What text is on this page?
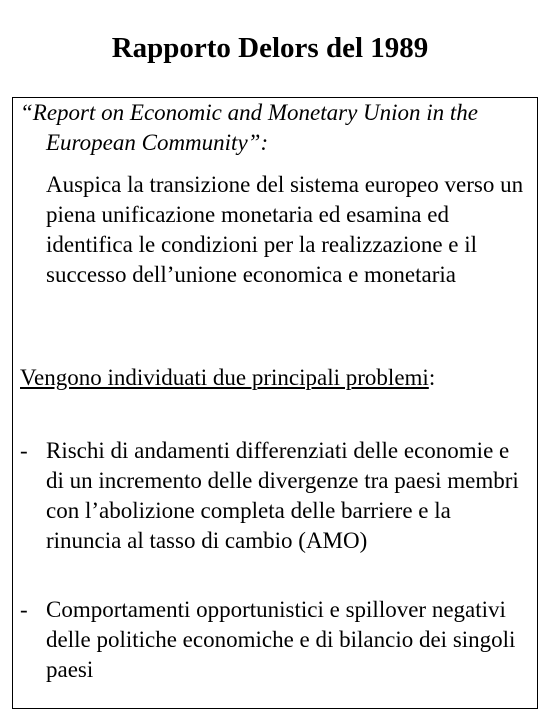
Rapporto Delors del 1989

“Report on Economic and Monetary Union in the European Community”:

Auspica la transizione del sistema europeo verso un piena unificazione monetaria ed esamina ed identifica le condizioni per la realizzazione e il successo dell’unione economica e monetaria

Vengono individuati due principali problemi:

- Rischi di andamenti differenziati delle economie e di un incremento delle divergenze tra paesi membri con l’abolizione completa delle barriere e la rinuncia al tasso di cambio (AMO)
- Comportamenti opportunistici e spillover negativi delle politiche economiche e di bilancio dei singoli paesi
